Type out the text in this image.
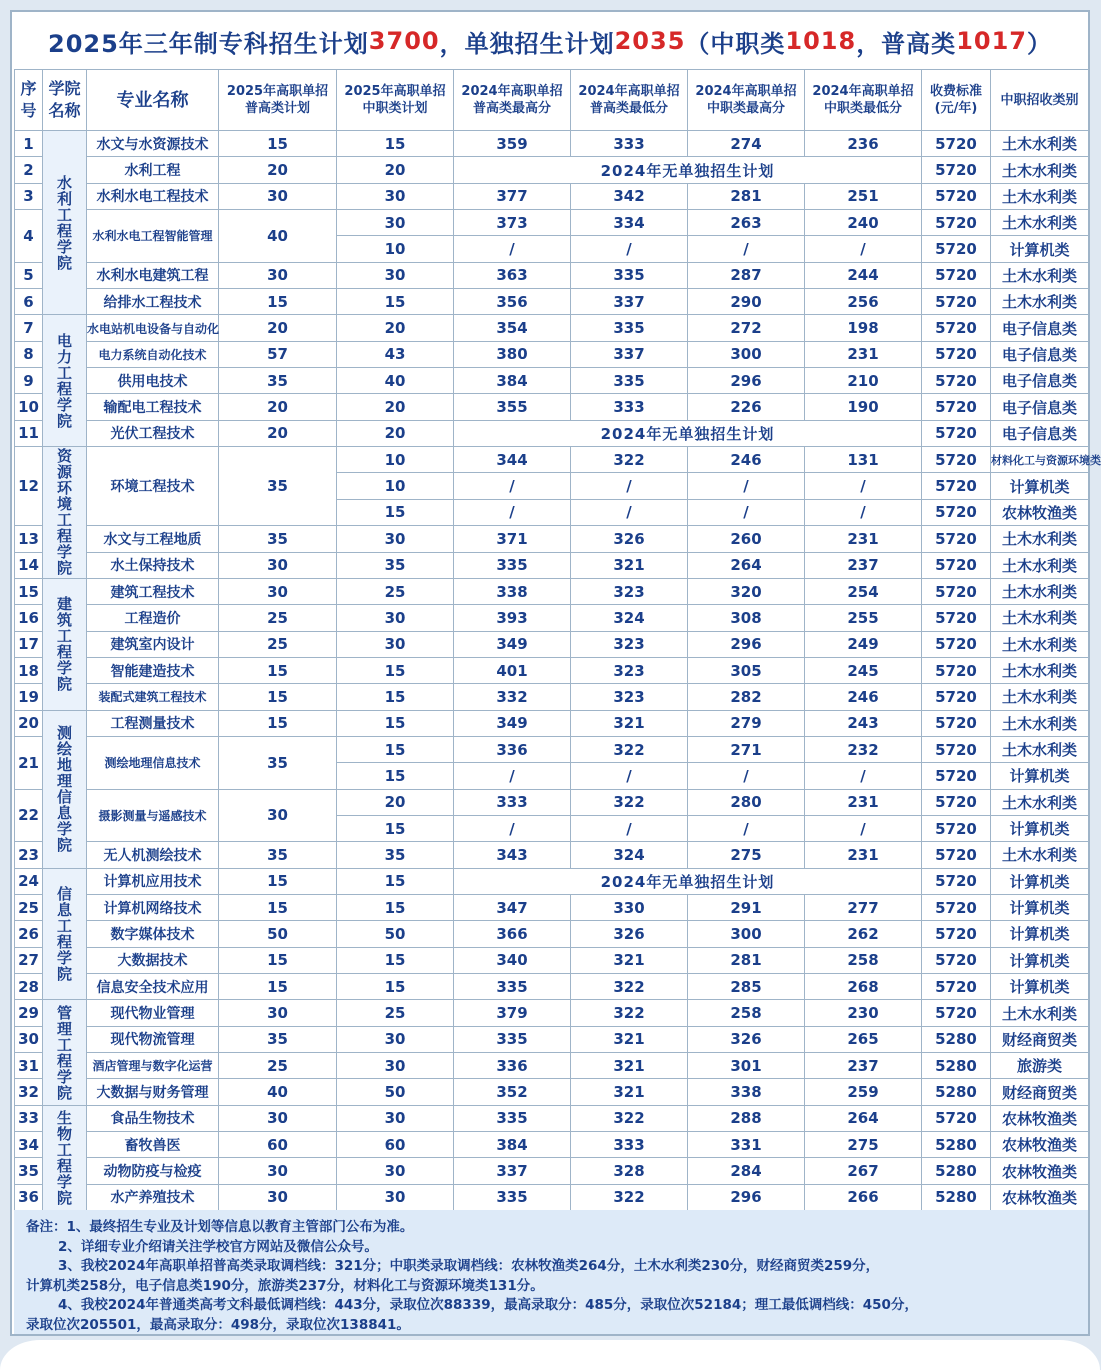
2025年三年制专科招生计划 3700 ，单独招生计划 2035 （中职类 1018 ，普高类 1017 ）
序号	学院名称	专业名称	2025年高职单招普高类计划	2025年高职单招中职类计划	2024年高职单招普高类最高分	2024年高职单招普高类最低分	2024年高职单招中职类最高分	2024年高职单招中职类最低分	收费标准(元/年)	中职招收类别
1	水利工程学院	水文与水资源技术	15	15	359	333	274	236	5720	土木水利类
2		水利工程	20	20	2024年无单独招生计划				5720	土木水利类
3		水利水电工程技术	30	30	377	342	281	251	5720	土木水利类
4		水利水电工程智能管理	40	30	373	334	263	240	5720	土木水利类
				10	/	/	/	/	5720	计算机类
5		水利水电建筑工程	30	30	363	335	287	244	5720	土木水利类
6		给排水工程技术	15	15	356	337	290	256	5720	土木水利类
7	电力工程学院	水电站机电设备与自动化	20	20	354	335	272	198	5720	电子信息类
8		电力系统自动化技术	57	43	380	337	300	231	5720	电子信息类
9		供用电技术	35	40	384	335	296	210	5720	电子信息类
10		输配电工程技术	20	20	355	333	226	190	5720	电子信息类
11		光伏工程技术	20	20	2024年无单独招生计划				5720	电子信息类
12	资源环境工程学院	环境工程技术	35	10	344	322	246	131	5720	材料化工与资源环境类
				10	/	/	/	/	5720	计算机类
				15	/	/	/	/	5720	农林牧渔类
13		水文与工程地质	35	30	371	326	260	231	5720	土木水利类
14		水土保持技术	30	35	335	321	264	237	5720	土木水利类
15	建筑工程学院	建筑工程技术	30	25	338	323	320	254	5720	土木水利类
16		工程造价	25	30	393	324	308	255	5720	土木水利类
17		建筑室内设计	25	30	349	323	296	249	5720	土木水利类
18		智能建造技术	15	15	401	323	305	245	5720	土木水利类
19		装配式建筑工程技术	15	15	332	323	282	246	5720	土木水利类
20	测绘地理信息学院	工程测量技术	15	15	349	321	279	243	5720	土木水利类
21		测绘地理信息技术	35	15	336	322	271	232	5720	土木水利类
				15	/	/	/	/	5720	计算机类
22		摄影测量与遥感技术	30	20	333	322	280	231	5720	土木水利类
				15	/	/	/	/	5720	计算机类
23		无人机测绘技术	35	35	343	324	275	231	5720	土木水利类
24	信息工程学院	计算机应用技术	15	15	2024年无单独招生计划				5720	计算机类
25		计算机网络技术	15	15	347	330	291	277	5720	计算机类
26		数字媒体技术	50	50	366	326	300	262	5720	计算机类
27		大数据技术	15	15	340	321	281	258	5720	计算机类
28		信息安全技术应用	15	15	335	322	285	268	5720	计算机类
29	管理工程学院	现代物业管理	30	25	379	322	258	230	5720	土木水利类
30		现代物流管理	35	30	335	321	326	265	5280	财经商贸类
31		酒店管理与数字化运营	25	30	336	321	301	237	5280	旅游类
32		大数据与财务管理	40	50	352	321	338	259	5280	财经商贸类
33	生物工程学院	食品生物技术	30	30	335	322	288	264	5720	农林牧渔类
34		畜牧兽医	60	60	384	333	331	275	5280	农林牧渔类
35		动物防疫与检疫	30	30	337	328	284	267	5280	农林牧渔类
36		水产养殖技术	30	30	335	322	296	266	5280	农林牧渔类

备注：1、最终招生专业及计划等信息以教育主管部门公布为准。

2、详细专业介绍请关注学校官方网站及微信公众号。

3、我校2024年高职单招普高类录取调档线：321分；中职类录取调档线：农林牧渔类264分，土木水利类230分，财经商贸类259分，

计算机类258分，电子信息类190分，旅游类237分，材料化工与资源环境类131分。

4、我校2024年普通类高考文科最低调档线：443分，录取位次88339，最高录取分：485分，录取位次52184；理工最低调档线：450分，

录取位次205501，最高录取分：498分，录取位次138841。
